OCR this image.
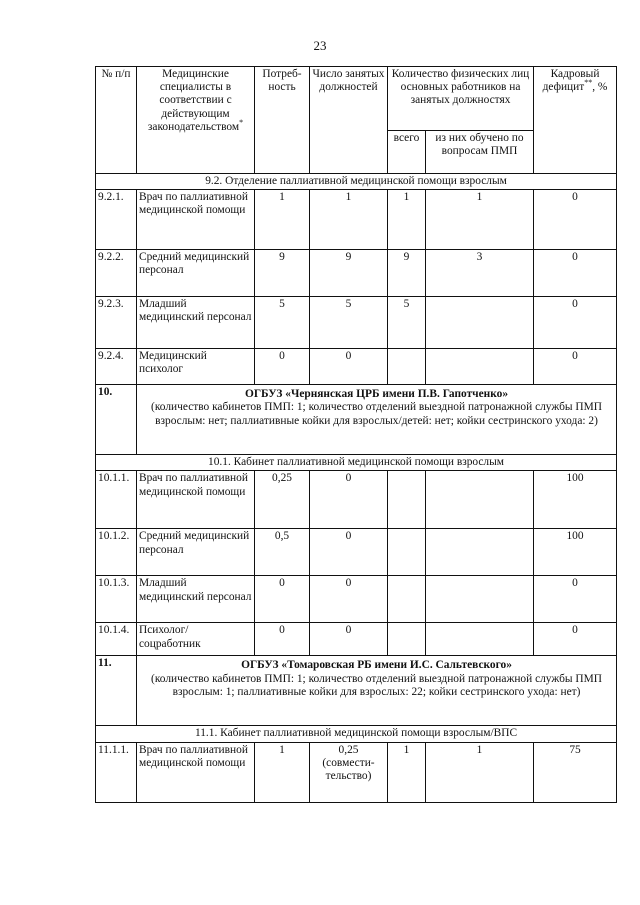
23
№ п/п	Медицинские специалисты в соответствии с действующим законодательством*	Потреб-ность	Число занятых должностей	Количество физических лиц основных работников на занятых должностях		Кадровый дефицит**, %
				всего	из них обучено по вопросам ПМП	
9.2. Отделение паллиативной медицинской помощи взрослым						
9.2.1.	Врач по паллиативной медицинской помощи	1	1	1	1	0
9.2.2.	Средний медицинский персонал	9	9	9	3	0
9.2.3.	Младший медицинский персонал	5	5	5		0
9.2.4.	Медицинский психолог	0	0			0
10.	ОГБУЗ «Чернянская ЦРБ имени П.В. Гапотченко»
(количество кабинетов ПМП: 1; количество отделений выездной патронажной службы ПМП взрослым: нет; паллиативные койки для взрослых/детей: нет; койки сестринского ухода: 2)					

10.1. Кабинет паллиативной медицинской помощи взрослым						
10.1.1.	Врач по паллиативной медицинской помощи	0,25	0			100
10.1.2.	Средний медицинский персонал	0,5	0			100
10.1.3.	Младший медицинский персонал	0	0			0
10.1.4.	Психолог/ соцработник	0	0			0
11.	ОГБУЗ «Томаровская РБ имени И.С. Сальтевского»
(количество кабинетов ПМП: 1; количество отделений выездной патронажной службы ПМП взрослым: 1; паллиативные койки для взрослых: 22; койки сестринского ухода: нет)					

11.1. Кабинет паллиативной медицинской помощи взрослым/ВПС						
11.1.1.	Врач по паллиативной медицинской помощи	1	0,25 (совмести-тельство)	1	1	75
